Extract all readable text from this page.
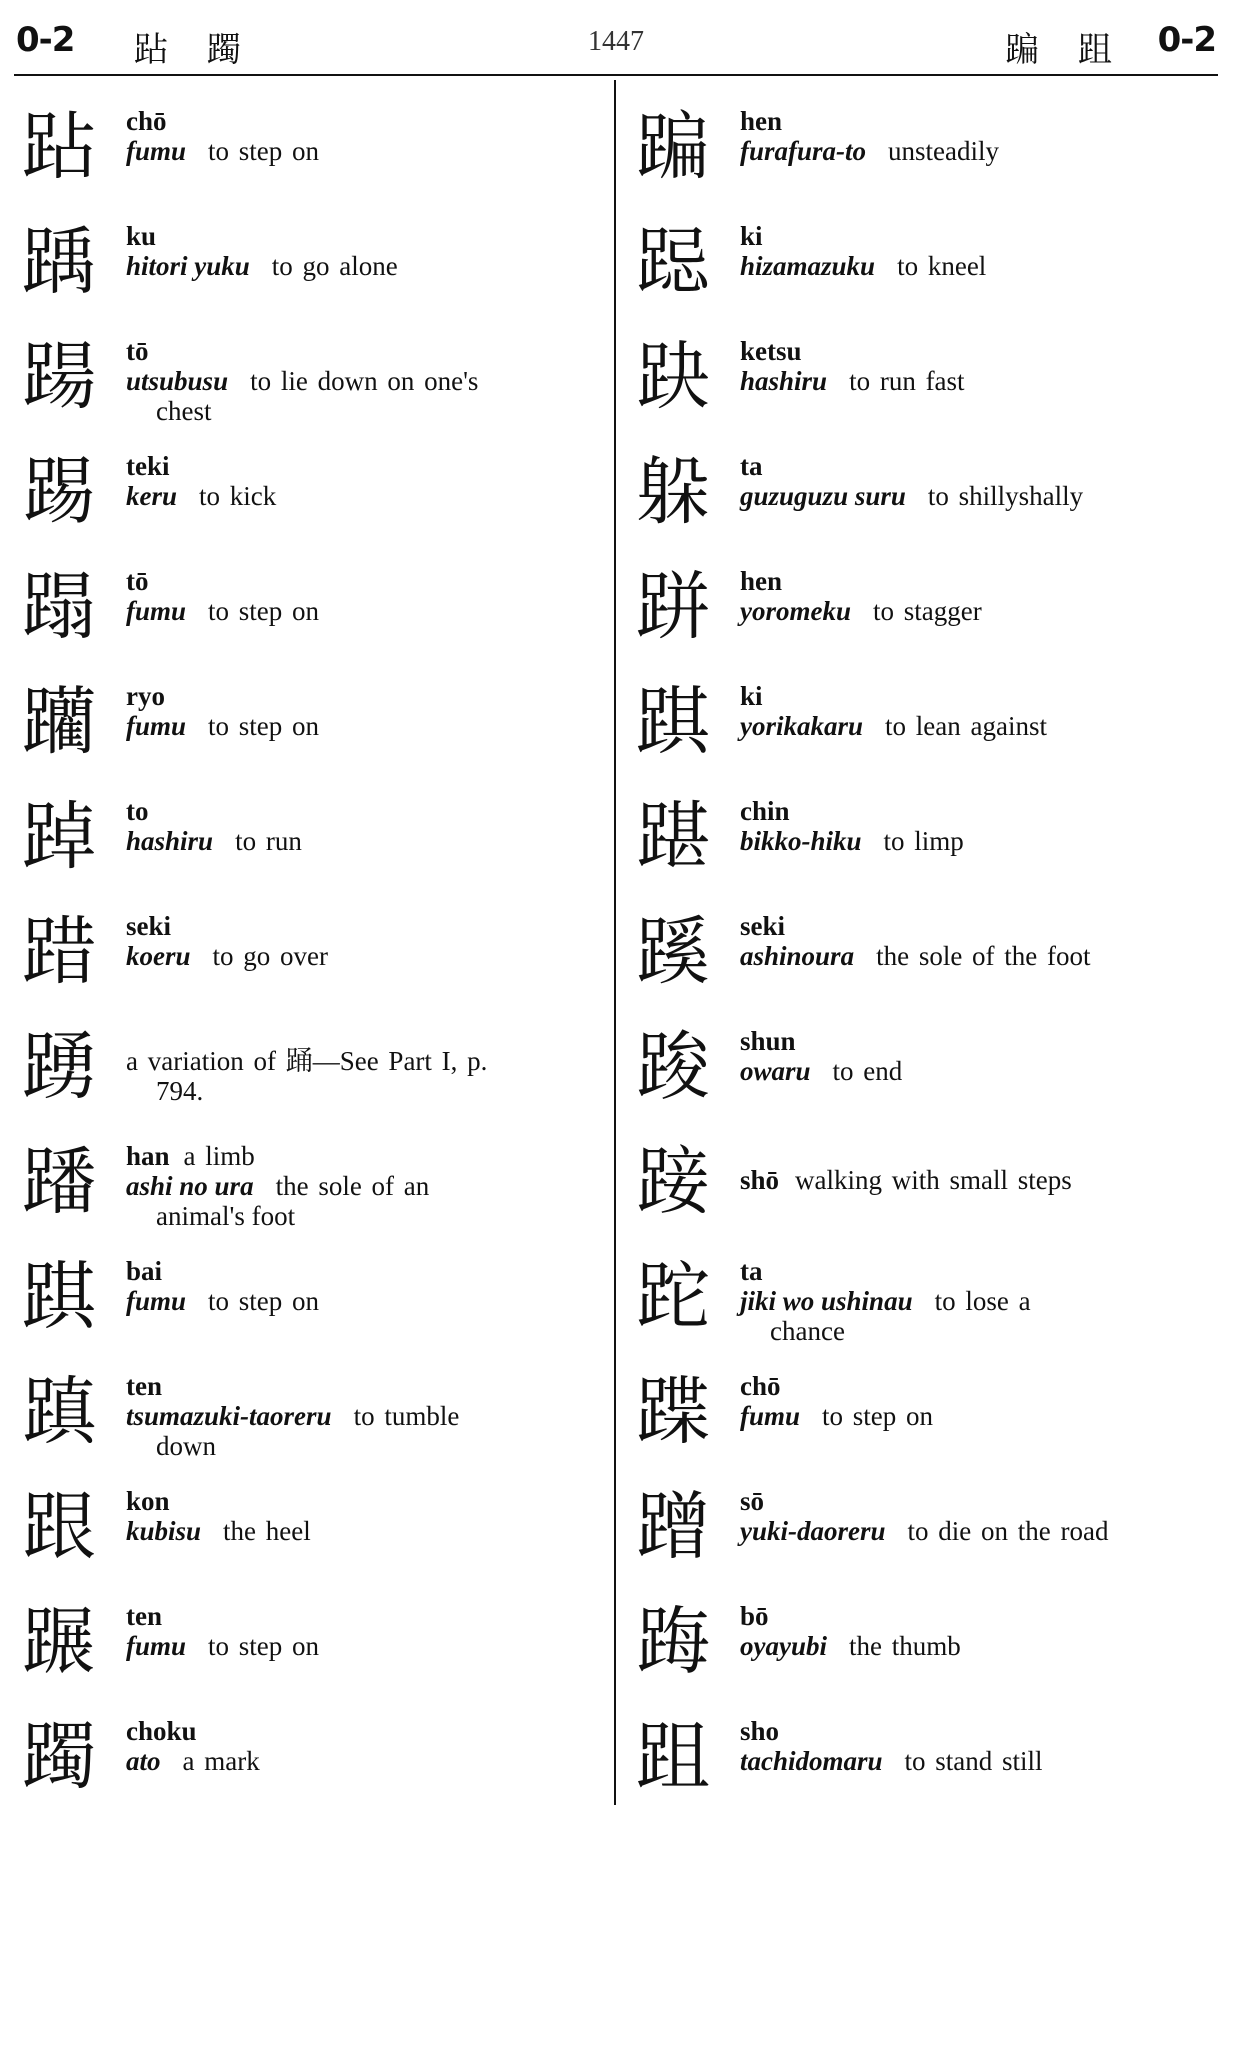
0-2 跕 躅	1447	蹁 跙 0-2
跕	chō
fumu to step on
踽	ku
hitori yuku to go alone
踼	tō
utsubusu to lie down on one's
chest
踢	teki
keru to kick
蹋	tō
fumu to step on
躪	ryo
fumu to step on
踔	to
hashiru to run
踖	seki
koeru to go over
踴	a variation of 踊—See Part I, p.
794.
蹯	han a limb
ashi no ura the sole of an
animal's foot
踑	bai
fumu to step on
蹎	ten
tsumazuki-taoreru to tumble
down
跟	kon
kubisu the heel
蹍	ten
fumu to step on
躅	choku
ato a mark
蹁	hen
furafura-to unsteadily
跽	ki
hizamazuku to kneel
趹	ketsu
hashiru to run fast
躲	ta
guzuguzu suru to shillyshally
跰	hen
yoromeku to stagger
踑	ki
yorikakaru to lean against
踸	chin
bikko-hiku to limp
蹊	seki
ashinoura the sole of the foot
踆	shun
owaru to end
踥	shō walking with small steps
跎	ta
jiki wo ushinau to lose a
chance
蹀	chō
fumu to step on
蹭	sō
yuki-daoreru to die on the road
踇	bō
oyayubi the thumb
跙	sho
tachidomaru to stand still
